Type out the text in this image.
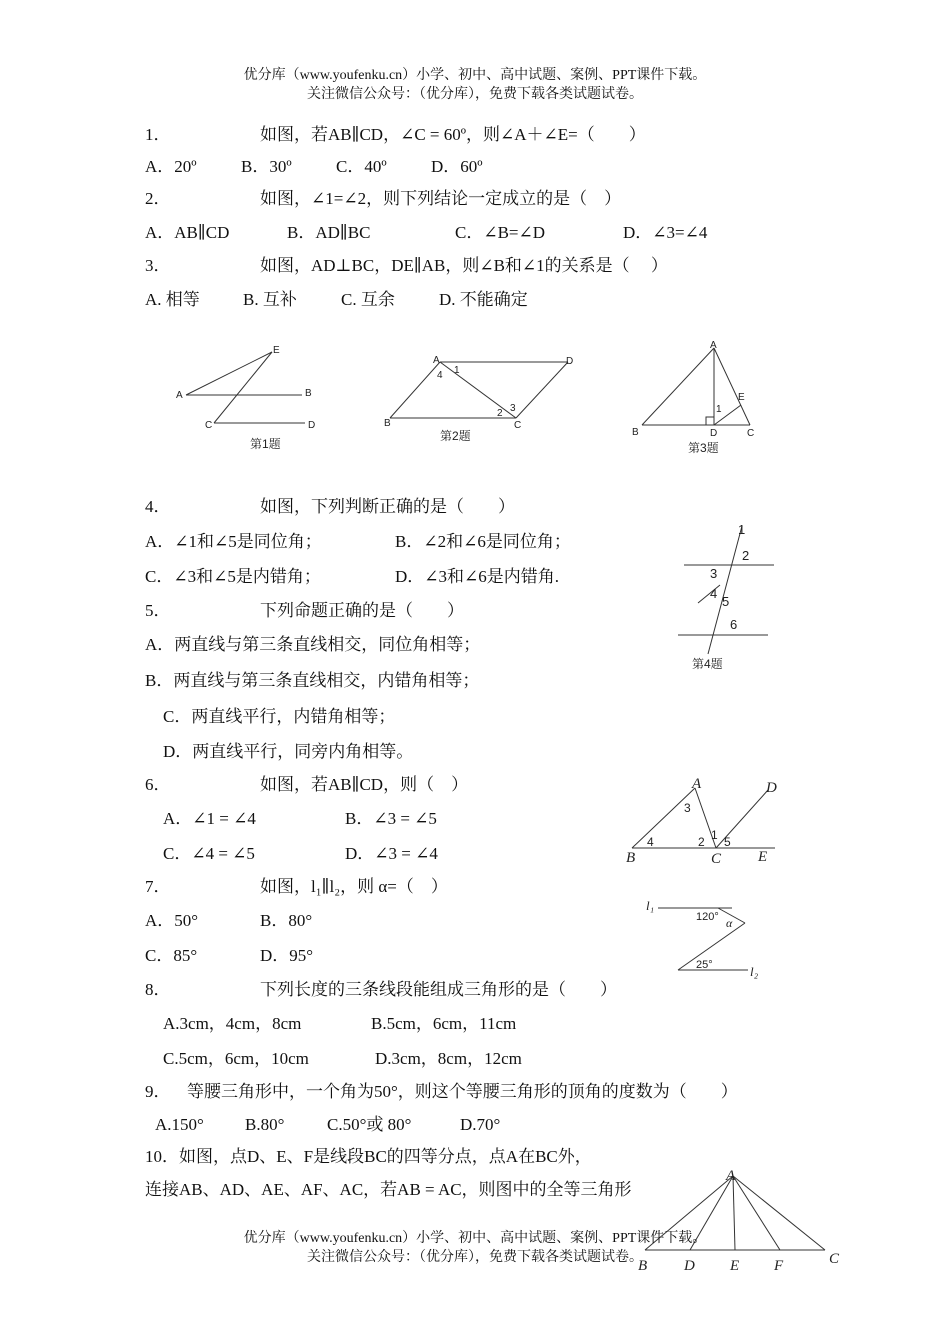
优分库（www.youfenku.cn）小学、初中、高中试题、案例、PPT课件下载。
关注微信公众号：（优分库），免费下载各类试题试卷。
1．	如图，若AB∥CD，∠C = 60º，则∠A＋∠E=（　　）
A．20º	B．30º	C．40º	D．60º
2．	如图，∠1=∠2，则下列结论一定成立的是（　）
A．AB∥CD	B．AD∥BC	C．∠B=∠D	D．∠3=∠4
3．	如图，AD⊥BC，DE∥AB，则∠B和∠1的关系是（　 ）
A. 相等	B. 互补	C. 互余	D. 不能确定
A	B
C	D
E
第1题
A	D
B	C
1
4
2 3
第2题
A
B	D	C
E
1
第3题
4．	如图，下列判断正确的是（　　）
A．∠1和∠5是同位角；	B．∠2和∠6是同位角；
C．∠3和∠5是内错角；	D．∠3和∠6是内错角.
1
2
3
4
5
6
第4题
5．	下列命题正确的是（　　）
A．两直线与第三条直线相交，同位角相等；
B．两直线与第三条直线相交，内错角相等；
C．两直线平行，内错角相等；
D．两直线平行，同旁内角相等。
6．	如图，若AB∥CD，则（　）
A．∠1 = ∠4	B．∠3 = ∠5
C．∠4 = ∠5	D．∠3 = ∠4
A
B	C
D
E
1
2
3
4	5
7．	如图，l₁∥l₂，则 α=（　）
A．50°	B．80°
C．85°	D．95°
l₁
l₂
120° α
25°
8．	下列长度的三条线段能组成三角形的是（　　）
A.3cm，4cm，8cm	B.5cm，6cm，11cm
C.5cm，6cm，10cm	D.3cm，8cm，12cm
9． 等腰三角形中，一个角为50°，则这个等腰三角形的顶角的度数为（　　）
A.150° B.80°	C.50°或 80°	D.70°
10．如图，点D、E、F是线段BC的四等分点，点A在BC外，
连接AB、AD、AE、AF、AC，若AB = AC，则图中的全等三角形
A
B D E F	C
优分库（www.youfenku.cn）小学、初中、高中试题、案例、PPT课件下载。
关注微信公众号：（优分库），免费下载各类试题试卷。
